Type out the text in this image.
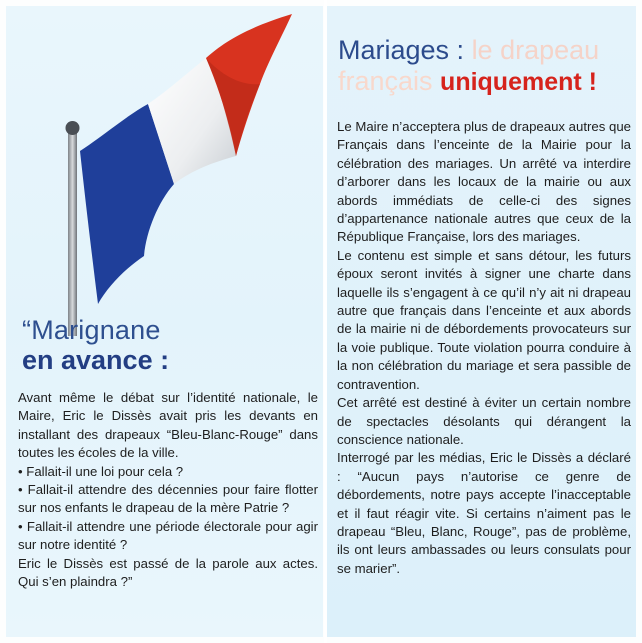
“Marignane
en avance :

Avant même le débat sur l’identité nationale, le Maire, Eric le Dissès avait pris les devants en installant des drapeaux “Bleu-Blanc-Rouge” dans toutes les écoles de la ville.

• Fallait-il une loi pour cela ?

• Fallait-il attendre des décennies pour faire flotter sur nos enfants le drapeau de la mère Patrie ?

• Fallait-il attendre une période électorale pour agir sur notre identité ?

Eric le Dissès est passé de la parole aux actes. Qui s’en plaindra ?”

Mariages : le drapeau
français uniquement !

Le Maire n’acceptera plus de drapeaux autres que Français dans l’enceinte de la Mairie pour la célébration des mariages. Un arrêté va interdire d’arborer dans les locaux de la mairie ou aux abords immédiats de celle-ci des signes d’appartenance nationale autres que ceux de la République Française, lors des mariages.

Le contenu est simple et sans détour, les futurs époux seront invités à signer une charte dans laquelle ils s’engagent à ce qu’il n’y ait ni drapeau autre que français dans l’enceinte et aux abords de la mairie ni de débordements provocateurs sur la voie publique. Toute violation pourra conduire à la non célébration du mariage et sera passible de contravention.

Cet arrêté est destiné à éviter un certain nombre de spectacles désolants qui dérangent la conscience nationale.

Interrogé par les médias, Eric le Dissès a déclaré : “Aucun pays n’autorise ce genre de débordements, notre pays accepte l’inacceptable et il faut réagir vite. Si certains n’aiment pas le drapeau “Bleu, Blanc, Rouge”, pas de problème, ils ont leurs ambassades ou leurs consulats pour se marier”.
